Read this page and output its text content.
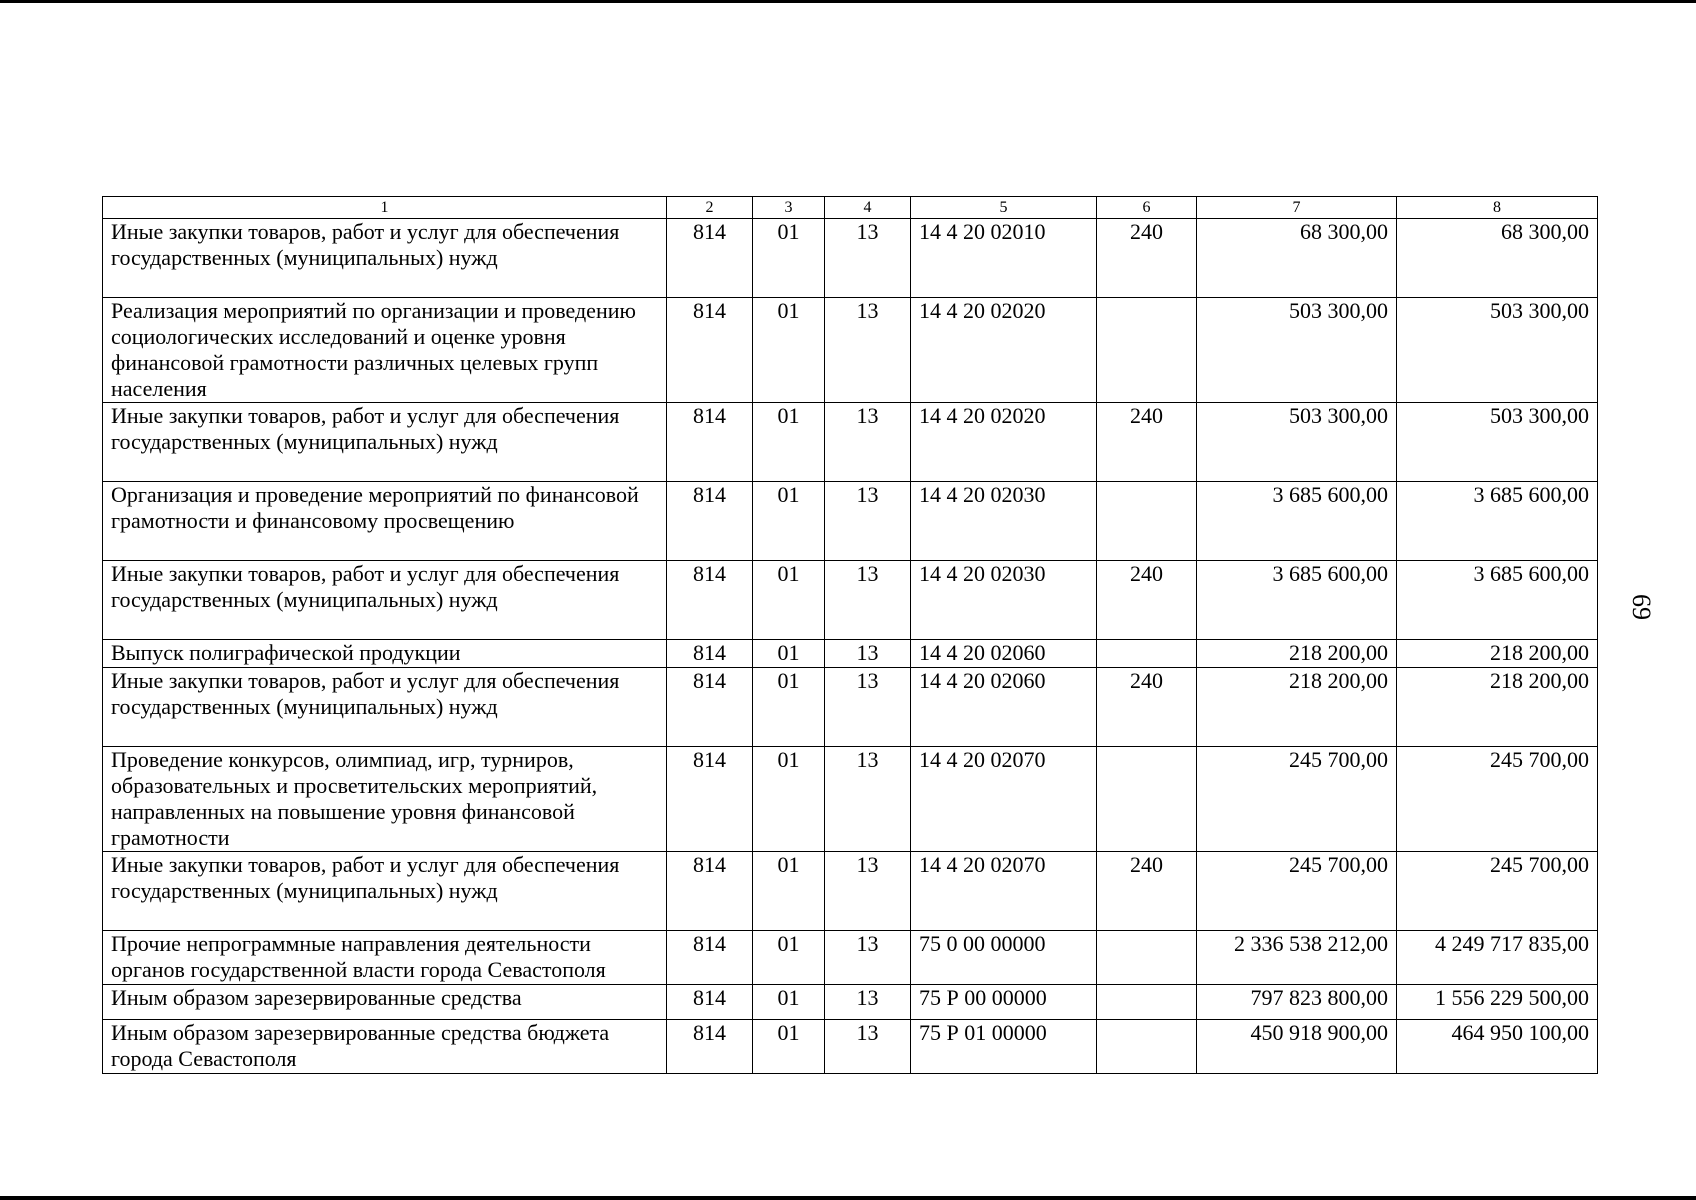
69
1	2	3	4	5	6	7	8
Иные закупки товаров, работ и услуг для обеспечения государственных (муниципальных) нужд	814	01	13	14 4 20 02010	240	68 300,00	68 300,00
Реализация мероприятий по организации и проведению социологических исследований и оценке уровня финансовой грамотности различных целевых групп населения	814	01	13	14 4 20 02020		503 300,00	503 300,00
Иные закупки товаров, работ и услуг для обеспечения государственных (муниципальных) нужд	814	01	13	14 4 20 02020	240	503 300,00	503 300,00
Организация и проведение мероприятий по финансовой грамотности и финансовому просвещению	814	01	13	14 4 20 02030		3 685 600,00	3 685 600,00
Иные закупки товаров, работ и услуг для обеспечения государственных (муниципальных) нужд	814	01	13	14 4 20 02030	240	3 685 600,00	3 685 600,00
Выпуск полиграфической продукции	814	01	13	14 4 20 02060		218 200,00	218 200,00
Иные закупки товаров, работ и услуг для обеспечения государственных (муниципальных) нужд	814	01	13	14 4 20 02060	240	218 200,00	218 200,00
Проведение конкурсов, олимпиад, игр, турниров, образовательных и просветительских мероприятий, направленных на повышение уровня финансовой грамотности	814	01	13	14 4 20 02070		245 700,00	245 700,00
Иные закупки товаров, работ и услуг для обеспечения государственных (муниципальных) нужд	814	01	13	14 4 20 02070	240	245 700,00	245 700,00
Прочие непрограммные направления деятельности органов государственной власти города Севастополя	814	01	13	75 0 00 00000		2 336 538 212,00	4 249 717 835,00
Иным образом зарезервированные средства	814	01	13	75 Р 00 00000		797 823 800,00	1 556 229 500,00
Иным образом зарезервированные средства бюджета города Севастополя	814	01	13	75 Р 01 00000		450 918 900,00	464 950 100,00
